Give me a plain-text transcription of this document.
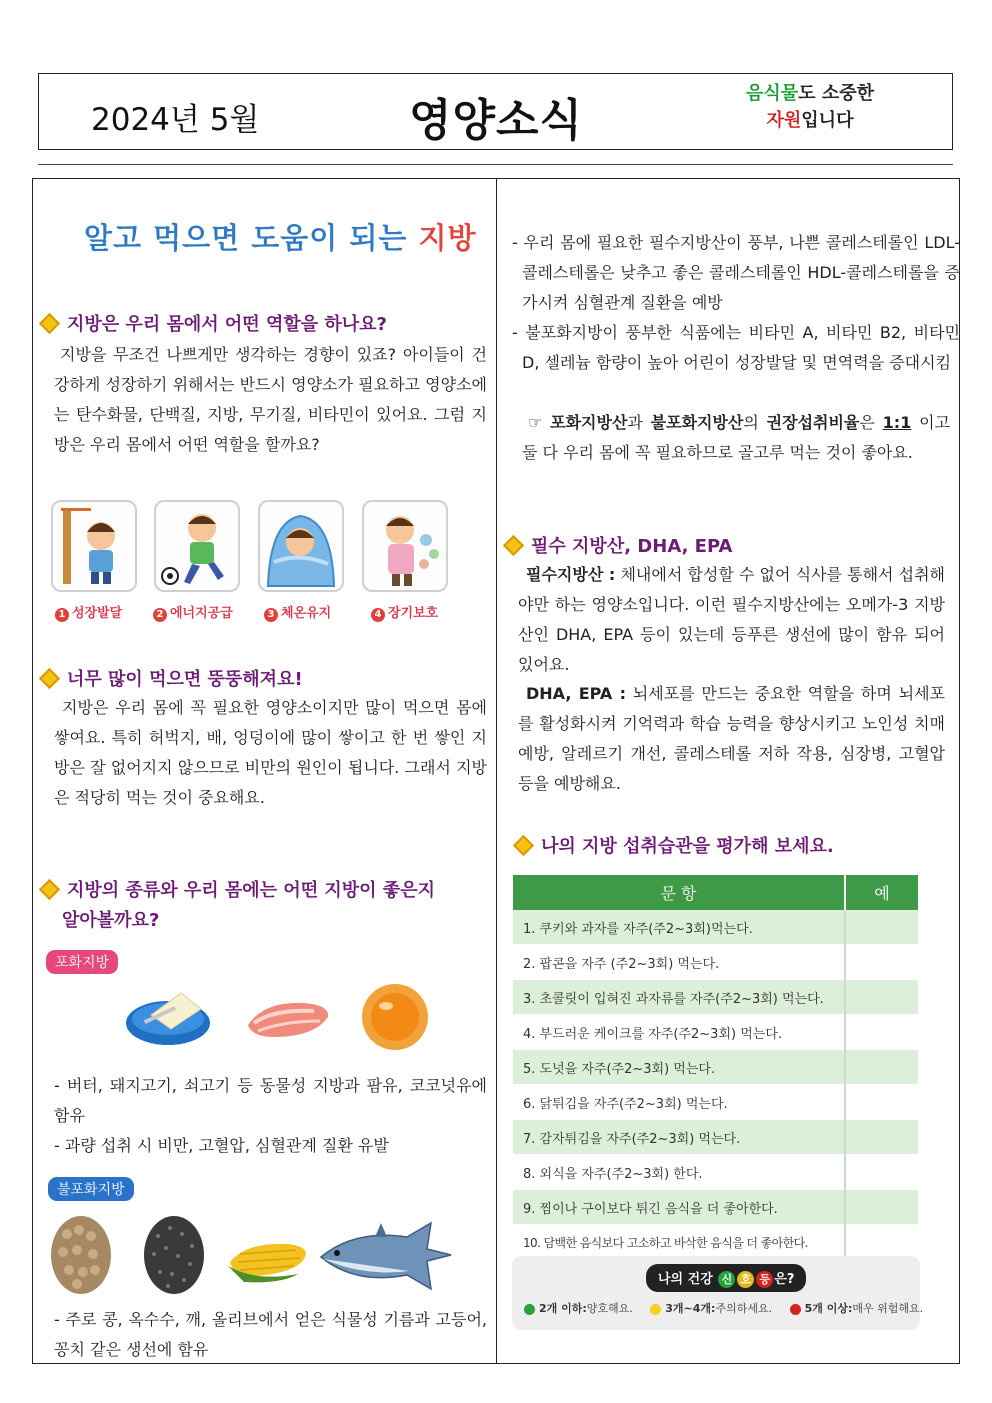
2024년 5월	영양소식
음식물도 소중한
자원입니다
알고 먹으면 도움이 되는 지방
지방은 우리 몸에서 어떤 역할을 하나요?
지방을 무조건 나쁘게만 생각하는 경향이 있죠? 아이들이 건강하게 성장하기 위해서는 반드시 영양소가 필요하고 영양소에는 탄수화물, 단백질, 지방, 무기질, 비타민이 있어요. 그럼 지방은 우리 몸에서 어떤 역할을 할까요?
1 성장발달	2 에너지공급	3 체온유지	4 장기보호
너무 많이 먹으면 뚱뚱해져요!
지방은 우리 몸에 꼭 필요한 영양소이지만 많이 먹으면 몸에 쌓여요. 특히 허벅지, 배, 엉덩이에 많이 쌓이고 한 번 쌓인 지방은 잘 없어지지 않으므로 비만의 원인이 됩니다. 그래서 지방은 적당히 먹는 것이 중요해요.
지방의 종류와 우리 몸에는 어떤 지방이 좋은지
알아볼까요?
포화지방
- 버터, 돼지고기, 쇠고기 등 동물성 지방과 팜유, 코코넛유에 함유
- 과량 섭취 시 비만, 고혈압, 심혈관계 질환 유발
불포화지방
- 주로 콩, 옥수수, 깨, 올리브에서 얻은 식물성 기름과 고등어, 꽁치 같은 생선에 함유
- 우리 몸에 필요한 필수지방산이 풍부, 나쁜 콜레스테롤인 LDL-콜레스테롤은 낮추고 좋은 콜레스테롤인 HDL-콜레스테롤을 증가시켜 심혈관계 질환을 예방
- 불포화지방이 풍부한 식품에는 비타민 A, 비타민 B2, 비타민 D, 셀레늄 함량이 높아 어린이 성장발달 및 면역력을 증대시킴
☞ 포화지방산과 불포화지방산의 권장섭취비율은 1:1 이고 둘 다 우리 몸에 꼭 필요하므로 골고루 먹는 것이 좋아요.
필수 지방산, DHA, EPA
필수지방산 : 체내에서 합성할 수 없어 식사를 통해서 섭취해야만 하는 영양소입니다. 이런 필수지방산에는 오메가-3 지방산인 DHA, EPA 등이 있는데 등푸른 생선에 많이 함유 되어 있어요.
DHA, EPA : 뇌세포를 만드는 중요한 역할을 하며 뇌세포를 활성화시켜 기억력과 학습 능력을 향상시키고 노인성 치매예방, 알레르기 개선, 콜레스테롤 저하 작용, 심장병, 고혈압 등을 예방해요.
나의 지방 섭취습관을 평가해 보세요.
문 항	예
1. 쿠키와 과자를 자주(주2~3회)먹는다.	
2. 팝콘을 자주 (주2~3회) 먹는다.	
3. 초콜릿이 입혀진 과자류를 자주(주2~3회) 먹는다.	
4. 부드러운 케이크를 자주(주2~3회) 먹는다.	
5. 도넛을 자주(주2~3회) 먹는다.	
6. 닭튀김을 자주(주2~3회) 먹는다.	
7. 감자튀김을 자주(주2~3회) 먹는다.	
8. 외식을 자주(주2~3회) 한다.	
9. 찜이나 구이보다 튀긴 음식을 더 좋아한다.	
10. 담백한 음식보다 고소하고 바삭한 음식을 더 좋아한다.	
나의 건강 신 호 등 은?
2개 이하:양호해요.	3개~4개:주의하세요.	5개 이상:매우 위험해요.
